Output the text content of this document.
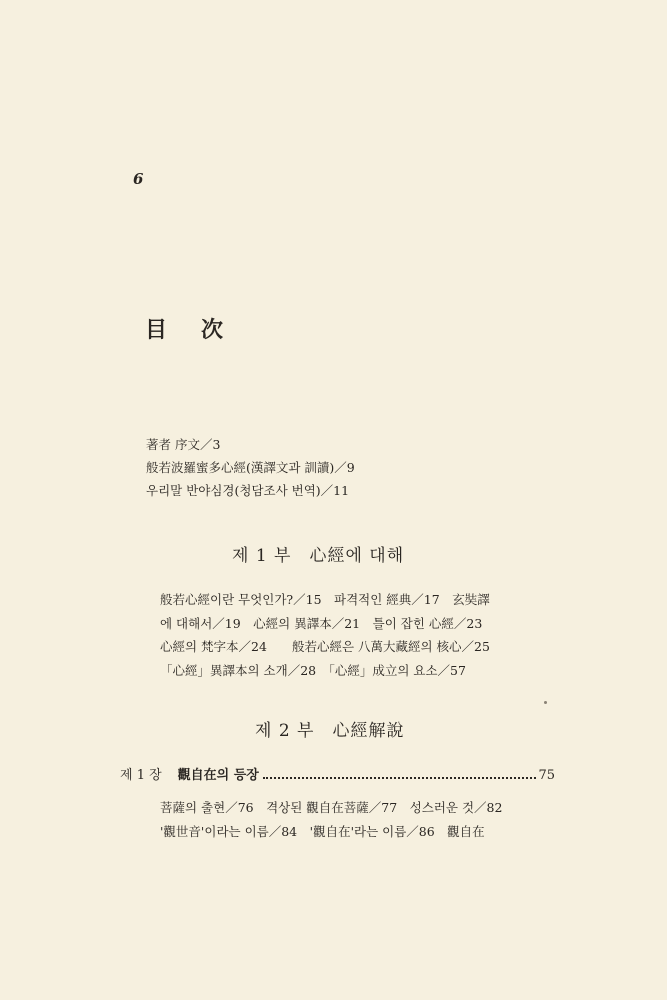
6
目次
著者 序文／3
般若波羅蜜多心經(漢譯文과 訓讀)／9
우리말 반야심경(청담조사 번역)／11
제 1 부　心經에 대해
般若心經이란 무엇인가?／15　파격적인 經典／17　玄奘譯
에 대해서／19　心經의 異譯本／21　틀이 잡힌 心經／23
心經의 梵字本／24　　般若心經은 八萬大藏經의 核心／25
「心經」異譯本의 소개／28　「心經」成立의 요소／57
제 2 부　心經解說
제 1 장 觀自在의 등장	75
菩薩의 출현／76　격상된 觀自在菩薩／77　성스러운 것／82
'觀世音'이라는 이름／84　'觀自在'라는 이름／86　觀自在
